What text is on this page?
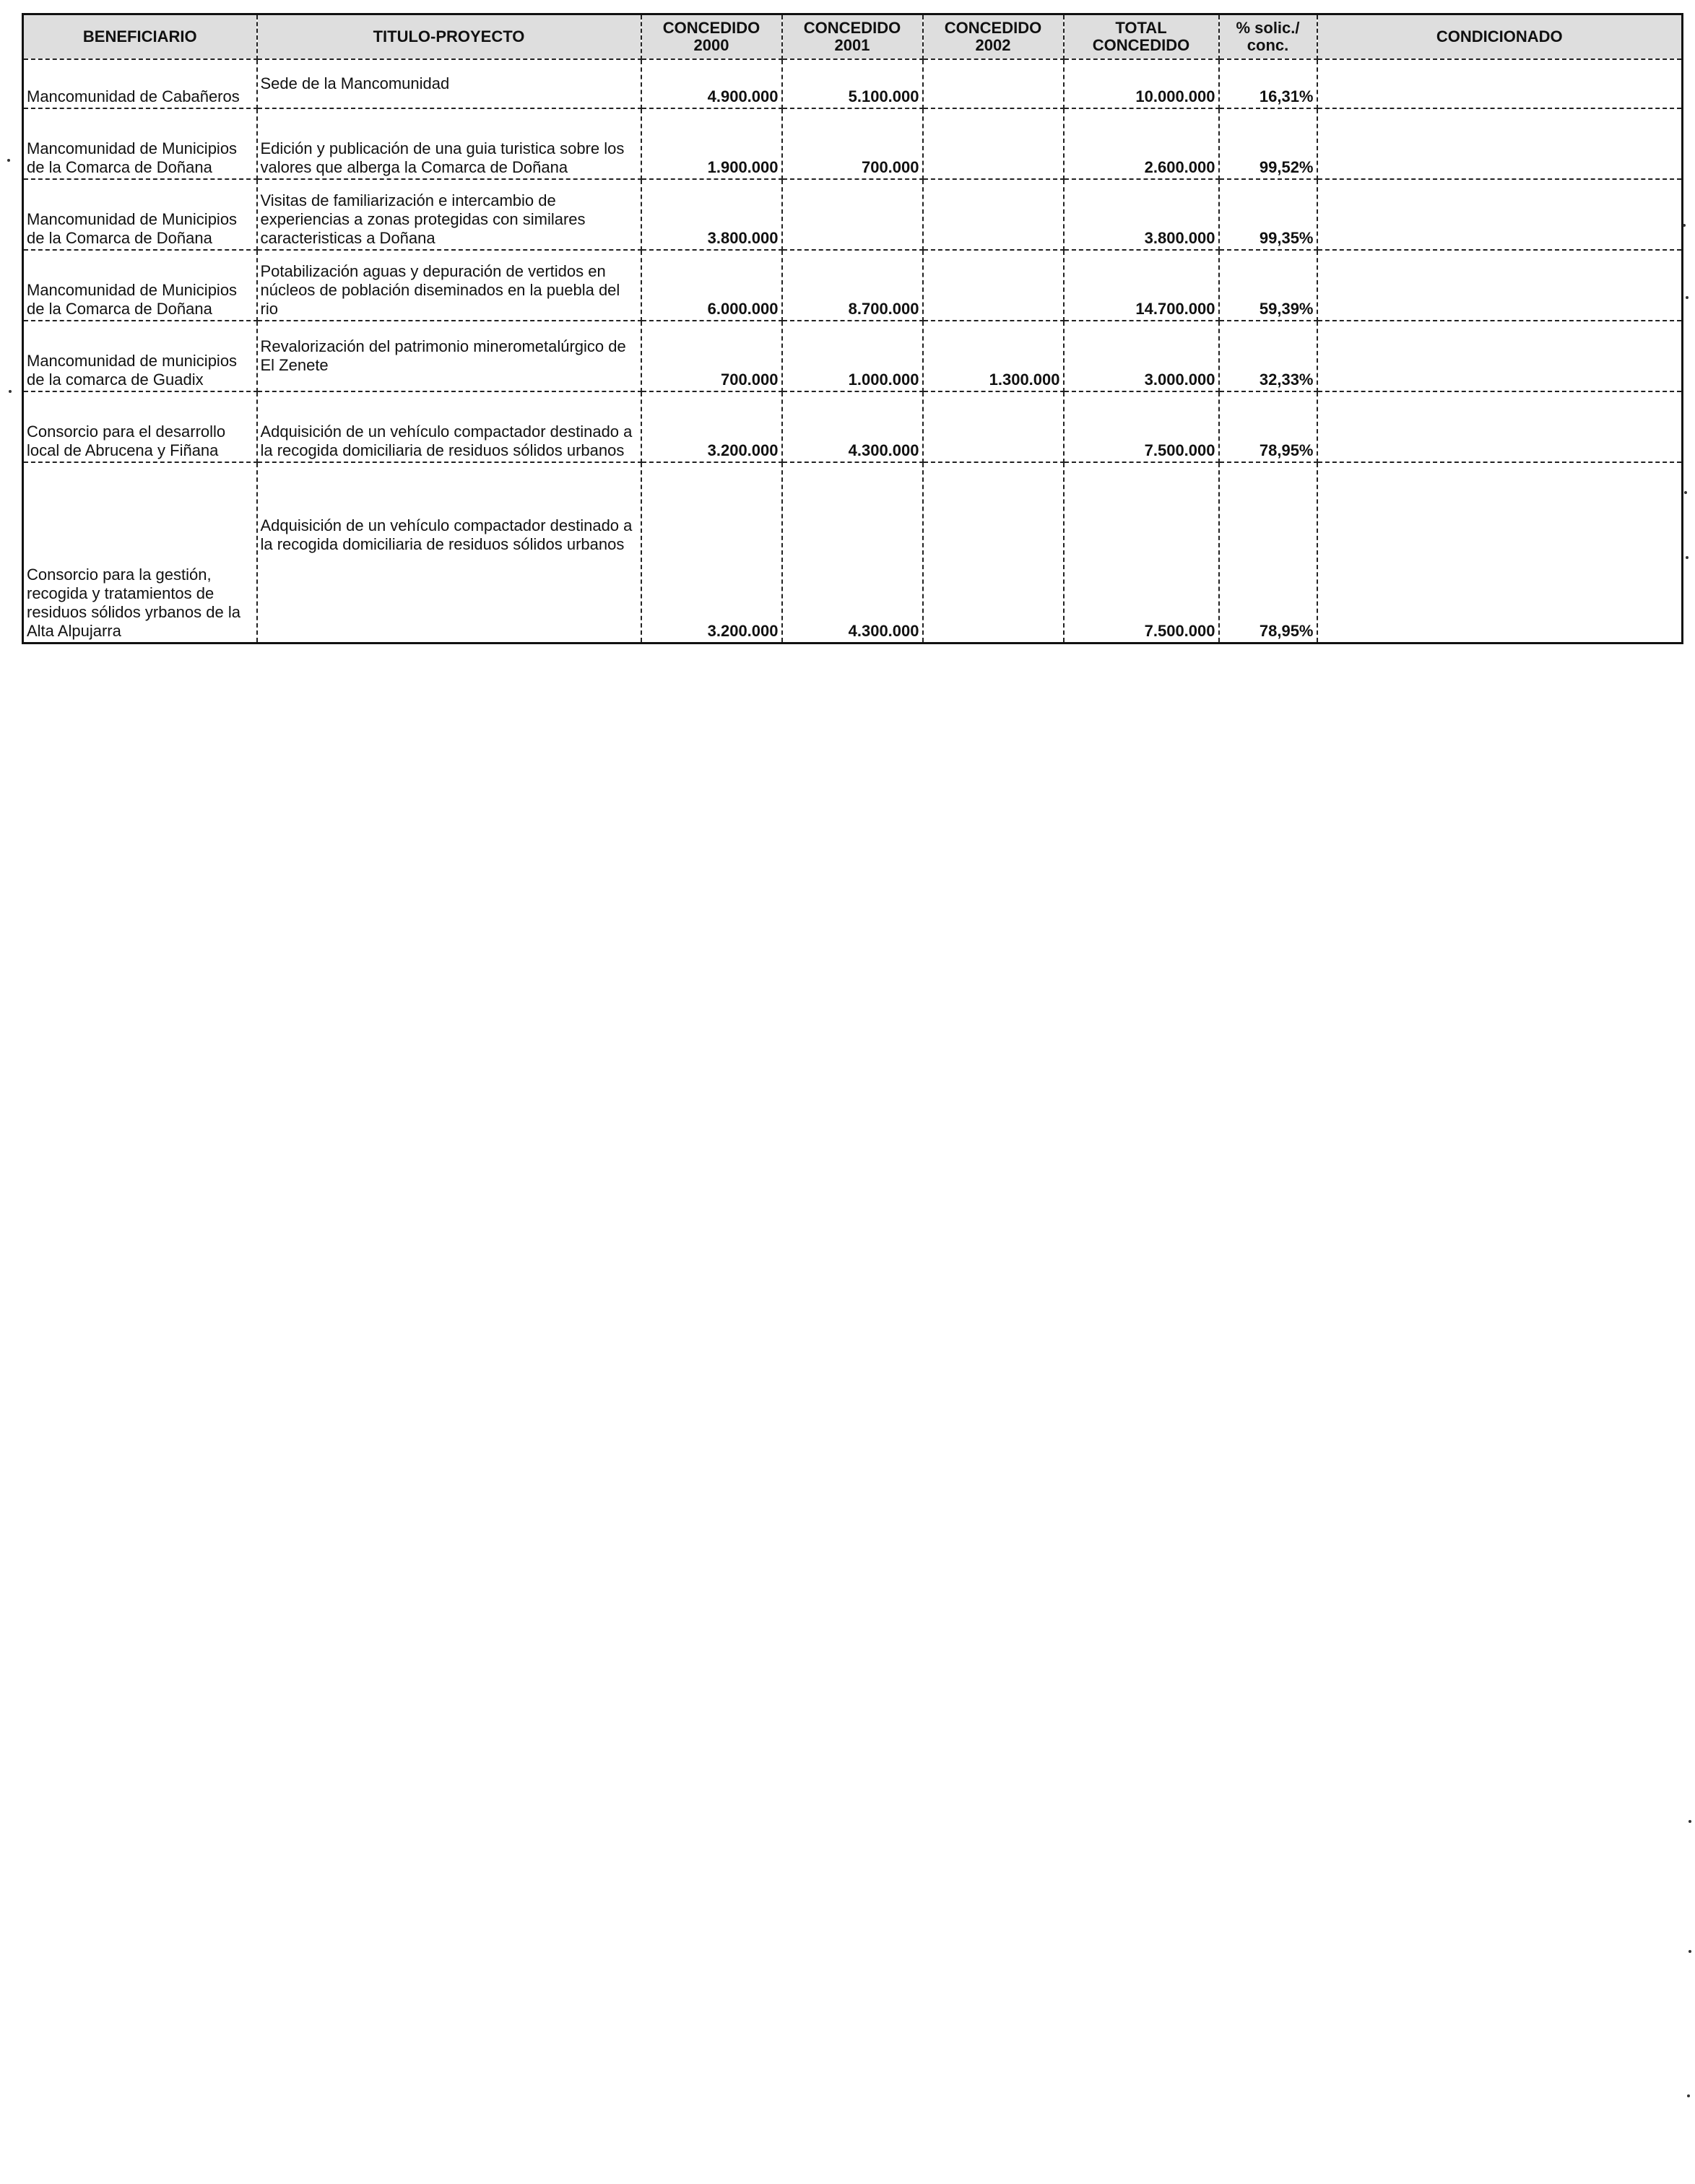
BENEFICIARIO	TITULO-PROYECTO	CONCEDIDO 2000	CONCEDIDO 2001	CONCEDIDO 2002	TOTAL CONCEDIDO	% solic./ conc.	CONDICIONADO
Mancomunidad de Cabañeros	Sede de la Mancomunidad	4.900.000	5.100.000		10.000.000	16,31%	
Mancomunidad de Municipios de la Comarca de Doñana	Edición y publicación de una guia turistica sobre los valores que alberga la Comarca de Doñana	1.900.000	700.000		2.600.000	99,52%	
Mancomunidad de Municipios de la Comarca de Doñana	Visitas de familiarización e intercambio de experiencias a zonas protegidas con similares caracteristicas a Doñana	3.800.000			3.800.000	99,35%	
Mancomunidad de Municipios de la Comarca de Doñana	Potabilización aguas y depuración de vertidos en núcleos de población diseminados en la puebla del rio	6.000.000	8.700.000		14.700.000	59,39%	
Mancomunidad de municipios de la comarca de Guadix	Revalorización del patrimonio minerometalúrgico de El Zenete	700.000	1.000.000	1.300.000	3.000.000	32,33%	
Consorcio para el desarrollo local de Abrucena y Fiñana	Adquisición de un vehículo compactador destinado a la recogida domiciliaria de residuos sólidos urbanos	3.200.000	4.300.000		7.500.000	78,95%	
Consorcio para la gestión, recogida y tratamientos de residuos sólidos yrbanos de la Alta Alpujarra	Adquisición de un vehículo compactador destinado a la recogida domiciliaria de residuos sólidos urbanos	3.200.000	4.300.000		7.500.000	78,95%	
